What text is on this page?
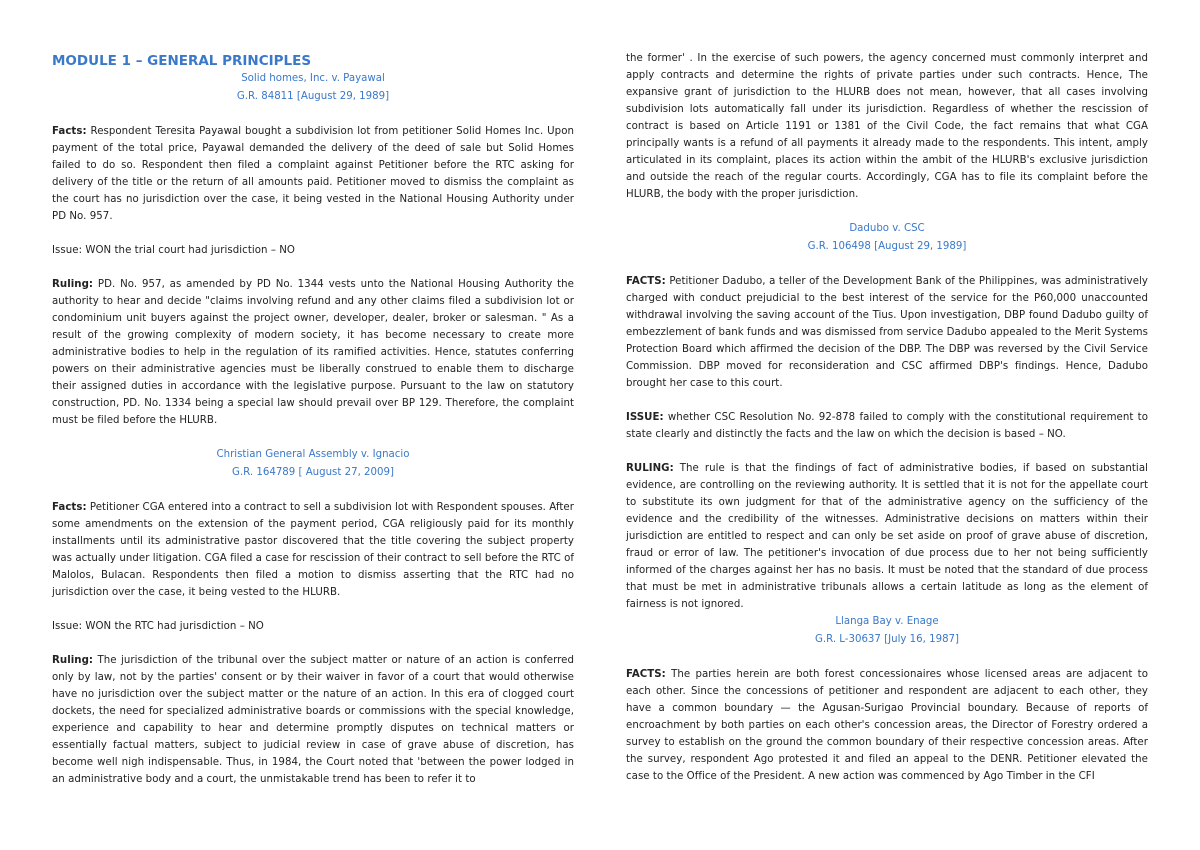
MODULE 1 – GENERAL PRINCIPLES
Solid homes, Inc. v. Payawal
G.R. 84811 [August 29, 1989]

Facts: Respondent Teresita Payawal bought a subdivision lot from petitioner Solid Homes Inc. Upon payment of the total price, Payawal demanded the delivery of the deed of sale but Solid Homes failed to do so. Respondent then filed a complaint against Petitioner before the RTC asking for delivery of the title or the return of all amounts paid. Petitioner moved to dismiss the complaint as the court has no jurisdiction over the case, it being vested in the National Housing Authority under PD No. 957.

Issue: WON the trial court had jurisdiction – NO

Ruling: PD. No. 957, as amended by PD No. 1344 vests unto the National Housing Authority the authority to hear and decide "claims involving refund and any other claims filed a subdivision lot or condominium unit buyers against the project owner, developer, dealer, broker or salesman. " As a result of the growing complexity of modern society, it has become necessary to create more administrative bodies to help in the regulation of its ramified activities. Hence, statutes conferring powers on their administrative agencies must be liberally construed to enable them to discharge their assigned duties in accordance with the legislative purpose. Pursuant to the law on statutory construction, PD. No. 1334 being a special law should prevail over BP 129. Therefore, the complaint must be filed before the HLURB.

Christian General Assembly v. Ignacio
G.R. 164789 [ August 27, 2009]

Facts: Petitioner CGA entered into a contract to sell a subdivision lot with Respondent spouses. After some amendments on the extension of the payment period, CGA religiously paid for its monthly installments until its administrative pastor discovered that the title covering the subject property was actually under litigation. CGA filed a case for rescission of their contract to sell before the RTC of Malolos, Bulacan. Respondents then filed a motion to dismiss asserting that the RTC had no jurisdiction over the case, it being vested to the HLURB.

Issue: WON the RTC had jurisdiction – NO

Ruling: The jurisdiction of the tribunal over the subject matter or nature of an action is conferred only by law, not by the parties' consent or by their waiver in favor of a court that would otherwise have no jurisdiction over the subject matter or the nature of an action. In this era of clogged court dockets, the need for specialized administrative boards or commissions with the special knowledge, experience and capability to hear and determine promptly disputes on technical matters or essentially factual matters, subject to judicial review in case of grave abuse of discretion, has become well nigh indispensable. Thus, in 1984, the Court noted that 'between the power lodged in an administrative body and a court, the unmistakable trend has been to refer it to

the former' . In the exercise of such powers, the agency concerned must commonly interpret and apply contracts and determine the rights of private parties under such contracts. Hence, The expansive grant of jurisdiction to the HLURB does not mean, however, that all cases involving subdivision lots automatically fall under its jurisdiction. Regardless of whether the rescission of contract is based on Article 1191 or 1381 of the Civil Code, the fact remains that what CGA principally wants is a refund of all payments it already made to the respondents. This intent, amply articulated in its complaint, places its action within the ambit of the HLURB's exclusive jurisdiction and outside the reach of the regular courts. Accordingly, CGA has to file its complaint before the HLURB, the body with the proper jurisdiction.

Dadubo v. CSC
G.R. 106498 [August 29, 1989]

FACTS: Petitioner Dadubo, a teller of the Development Bank of the Philippines, was administratively charged with conduct prejudicial to the best interest of the service for the P60,000 unaccounted withdrawal involving the saving account of the Tius. Upon investigation, DBP found Dadubo guilty of embezzlement of bank funds and was dismissed from service Dadubo appealed to the Merit Systems Protection Board which affirmed the decision of the DBP. The DBP was reversed by the Civil Service Commission. DBP moved for reconsideration and CSC affirmed DBP's findings. Hence, Dadubo brought her case to this court.

ISSUE: whether CSC Resolution No. 92-878 failed to comply with the constitutional requirement to state clearly and distinctly the facts and the law on which the decision is based – NO.

RULING: The rule is that the findings of fact of administrative bodies, if based on substantial evidence, are controlling on the reviewing authority. It is settled that it is not for the appellate court to substitute its own judgment for that of the administrative agency on the sufficiency of the evidence and the credibility of the witnesses. Administrative decisions on matters within their jurisdiction are entitled to respect and can only be set aside on proof of grave abuse of discretion, fraud or error of law. The petitioner's invocation of due process due to her not being sufficiently informed of the charges against her has no basis. It must be noted that the standard of due process that must be met in administrative tribunals allows a certain latitude as long as the element of fairness is not ignored.

Llanga Bay v. Enage
G.R. L-30637 [July 16, 1987]

FACTS: The parties herein are both forest concessionaires whose licensed areas are adjacent to each other. Since the concessions of petitioner and respondent are adjacent to each other, they have a common boundary — the Agusan-Surigao Provincial boundary. Because of reports of encroachment by both parties on each other's concession areas, the Director of Forestry ordered a survey to establish on the ground the common boundary of their respective concession areas. After the survey, respondent Ago protested it and filed an appeal to the DENR. Petitioner elevated the case to the Office of the President. A new action was commenced by Ago Timber in the CFI
